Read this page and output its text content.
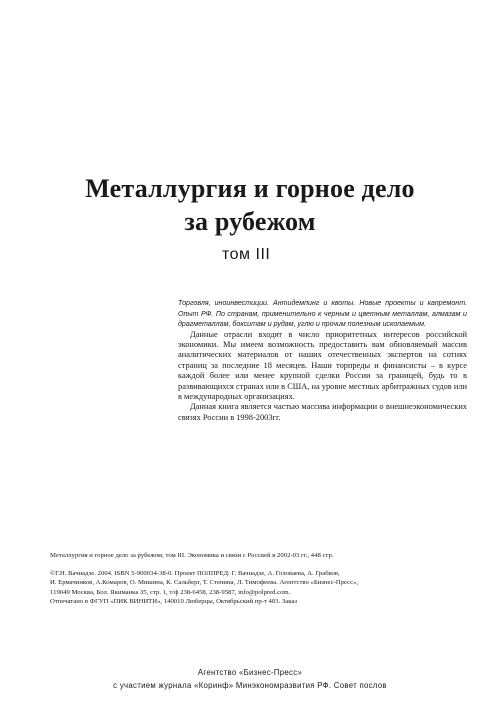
Металлургия и горное дело
за рубежом
том III

Торговля, иноинвестиции. Антидемпинг и квоты. Новые проекты и капремонт. Опыт РФ. По странам, применительно к черным и цветным металлам, алмазам и драгметаллам, бокситам и рудам, углю и прочим полезным ископаемым.

Данные отрасли входят в число приоритетных интересов российской экономики. Мы имеем возможность предоставить вам обновляемый массив аналитических материалов от наших отечественных экспертов на сотнях страниц за последние 18 месяцев. Наши торпреды и финансисты – в курсе каждой более или менее крупной сделки России за границей, будь то в развивающихся странах или в США, на уровне местных арбитражных судов или в международных организациях.

Данная книга является частью массива информации о внешнеэкономических связях России в 1998-2003гг.

Металлургия и горное дело за рубежом, том III. Экономика и связи с Россией в 2002-03 гг., 448 стр.
©Г.Н. Вачнадзе. 2004. ISBN 5-900034-38-0. Проект ПОЛПРЕД: Г. Вачнадзе, А. Головаева, А. Грабков,
И. Ермачинков, А.Комаров, О. Мишина, К. Сальберг, Т. Стенина, Л. Тимофеева. Агентство «Бизнес-Пресс»,
119049 Москва, Бол. Якиманка 35, стр. 1, т/ф 238-6458, 238-9587, info@polpred.com.
Отпечатано в ФГУП «ПИК ВИНИТИ», 140010 Люберцы, Октябрьский пр-т 403. Заказ
Агентство «Бизнес-Пресс»
с участием журнала «Коринф» Минэкономразвития РФ. Совет послов
